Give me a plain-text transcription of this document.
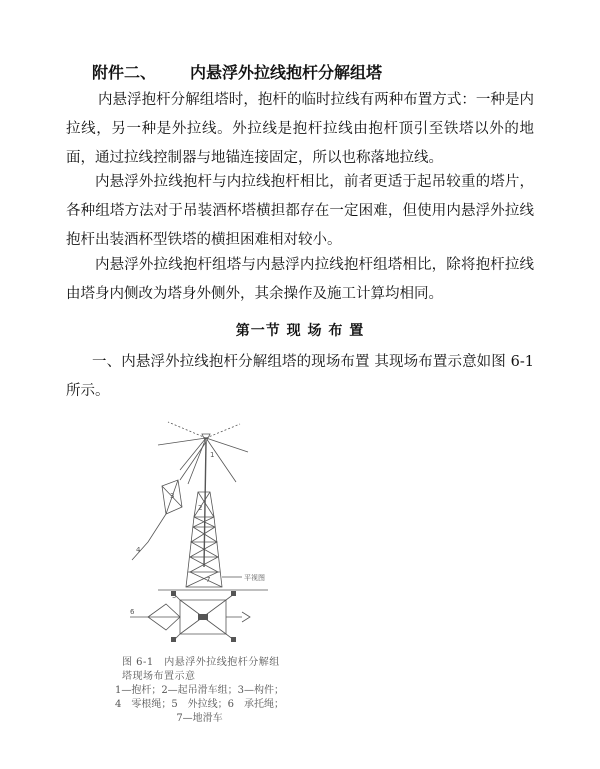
附件二、 内悬浮外拉线抱杆分解组塔

内悬浮抱杆分解组塔时，抱杆的临时拉线有两种布置方式：一种是内拉线，另一种是外拉线。外拉线是抱杆拉线由抱杆顶引至铁塔以外的地面，通过拉线控制器与地锚连接固定，所以也称落地拉线。

内悬浮外拉线抱杆与内拉线抱杆相比，前者更适于起吊较重的塔片，各种组塔方法对于吊装酒杯塔横担都存在一定困难，但使用内悬浮外拉线抱杆出装酒杯型铁塔的横担困难相对较小。

内悬浮外拉线抱杆组塔与内悬浮内拉线抱杆组塔相比，除将抱杆拉线由塔身内侧改为塔身外侧外，其余操作及施工计算均相同。

第一节 现 场 布 置

一、内悬浮外拉线抱杆分解组塔的现场布置 其现场布置示意如图 6-1 所示。

平视图
1
2
3
4
5
6
7
图 6-1　内悬浮外拉线抱杆分解组塔现场布置示意
1—抱杆；2—起吊滑车组；3—构件；
4　零根绳；5　外拉线；6　承托绳；
7—地滑车
